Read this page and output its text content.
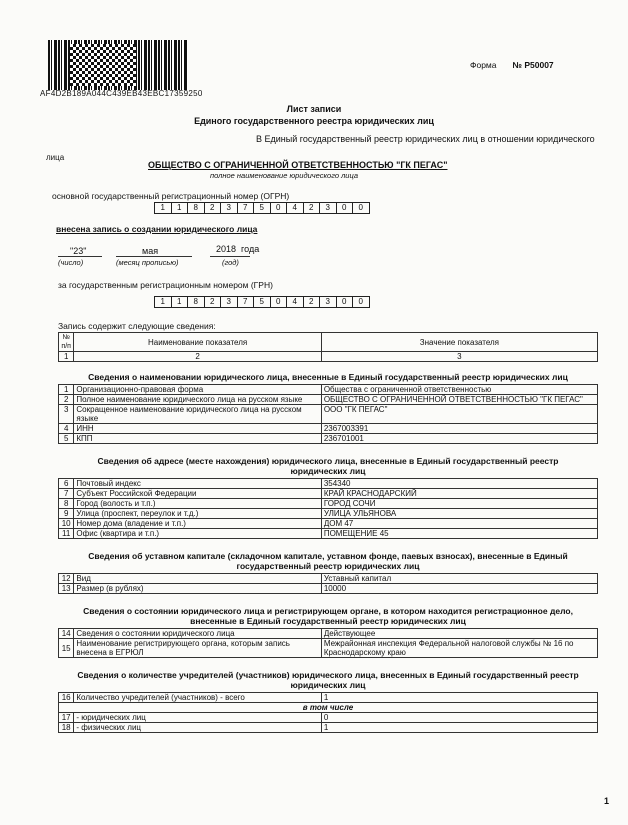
AF4D2B189A044C439EB43EBC17359250
Форма № Р50007
Лист записи
Единого государственного реестра юридических лиц
В Единый государственный реестр юридических лиц в отношении юридического
лица
ОБЩЕСТВО С ОГРАНИЧЕННОЙ ОТВЕТСТВЕННОСТЬЮ "ГК ПЕГАС"
полное наименование юридического лица
основной государственный регистрационный номер (ОГРН)
1	1	8	2	3	7	5	0	4	2	3	0	0
внесена запись о создании юридического лица
"23"	мая	2018 года
(число)	(месяц прописью)	(год)
за государственным регистрационным номером (ГРН)
1	1	8	2	3	7	5	0	4	2	3	0	0
Запись содержит следующие сведения:
№ п/п	Наименование показателя	Значение показателя
1	2	3
Сведения о наименовании юридического лица, внесенные в Единый государственный реестр юридических лиц
1	Организационно-правовая форма	Общества с ограниченной ответственностью
2	Полное наименование юридического лица на русском языке	ОБЩЕСТВО С ОГРАНИЧЕННОЙ ОТВЕТСТВЕННОСТЬЮ "ГК ПЕГАС"
3	Сокращенное наименование юридического лица на русском языке	ООО "ГК ПЕГАС"
4	ИНН	2367003391
5	КПП	236701001
Сведения об адресе (месте нахождения) юридического лица, внесенные в Единый государственный реестр юридических лиц
6	Почтовый индекс	354340
7	Субъект Российской Федерации	КРАЙ КРАСНОДАРСКИЙ
8	Город (волость и т.п.)	ГОРОД СОЧИ
9	Улица (проспект, переулок и т.д.)	УЛИЦА УЛЬЯНОВА
10	Номер дома (владение и т.п.)	ДОМ 47
11	Офис (квартира и т.п.)	ПОМЕЩЕНИЕ 45
Сведения об уставном капитале (складочном капитале, уставном фонде, паевых взносах), внесенные в Единый государственный реестр юридических лиц
12	Вид	Уставный капитал
13	Размер (в рублях)	10000
Сведения о состоянии юридического лица и регистрирующем органе, в котором находится регистрационное дело, внесенные в Единый государственный реестр юридических лиц
14	Сведения о состоянии юридического лица	Действующее
15	Наименование регистрирующего органа, которым запись внесена в ЕГРЮЛ	Межрайонная инспекция Федеральной налоговой службы № 16 по Краснодарскому краю
Сведения о количестве учредителей (участников) юридического лица, внесенных в Единый государственный реестр юридических лиц
16	Количество учредителей (участников) - всего	1
в том числе		
17	- юридических лиц	0
18	- физических лиц	1
1
